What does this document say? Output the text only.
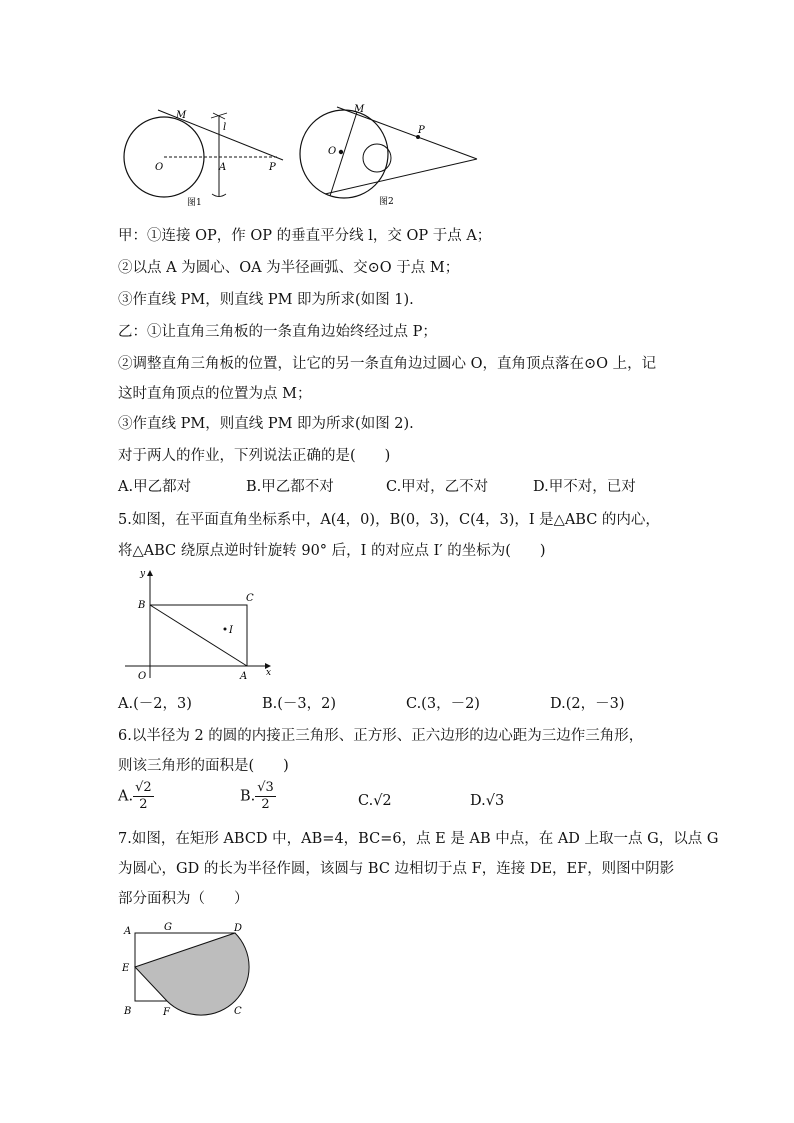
M
l
O	A	P
图1
M
P
O
图2
甲：①连接 OP，作 OP 的垂直平分线 l，交 OP 于点 A；
②以点 A 为圆心、OA 为半径画弧、交⊙O 于点 M；
③作直线 PM，则直线 PM 即为所求(如图 1).
乙：①让直角三角板的一条直角边始终经过点 P；
②调整直角三角板的位置，让它的另一条直角边过圆心 O，直角顶点落在⊙O 上，记
这时直角顶点的位置为点 M；
③作直线 PM，则直线 PM 即为所求(如图 2).
对于两人的作业，下列说法正确的是(　　)
A.甲乙都对	B.甲乙都不对	C.甲对，乙不对	D.甲不对，已对
5.如图，在平面直角坐标系中，A(4，0)，B(0，3)，C(4，3)，I 是△ABC 的内心，
将△ABC 绕原点逆时针旋转 90° 后，I 的对应点 I′ 的坐标为(　　)
y
B
C
I
O	A x
A.(－2，3)	B.(－3，2)	C.(3，－2)	D.(2，－3)
6.以半径为 2 的圆的内接正三角形、正方形、正六边形的边心距为三边作三角形，
则该三角形的面积是(　　)
A. $\frac{√2}{2}$	B. $\frac{√3}{2}$	C.√2	D.√3
7.如图，在矩形 ABCD 中，AB=4，BC=6，点 E 是 AB 中点，在 AD 上取一点 G，以点 G
为圆心，GD 的长为半径作圆，该圆与 BC 边相切于点 F，连接 DE，EF，则图中阴影
部分面积为（　　）
A	G	D
E
B	F	C
